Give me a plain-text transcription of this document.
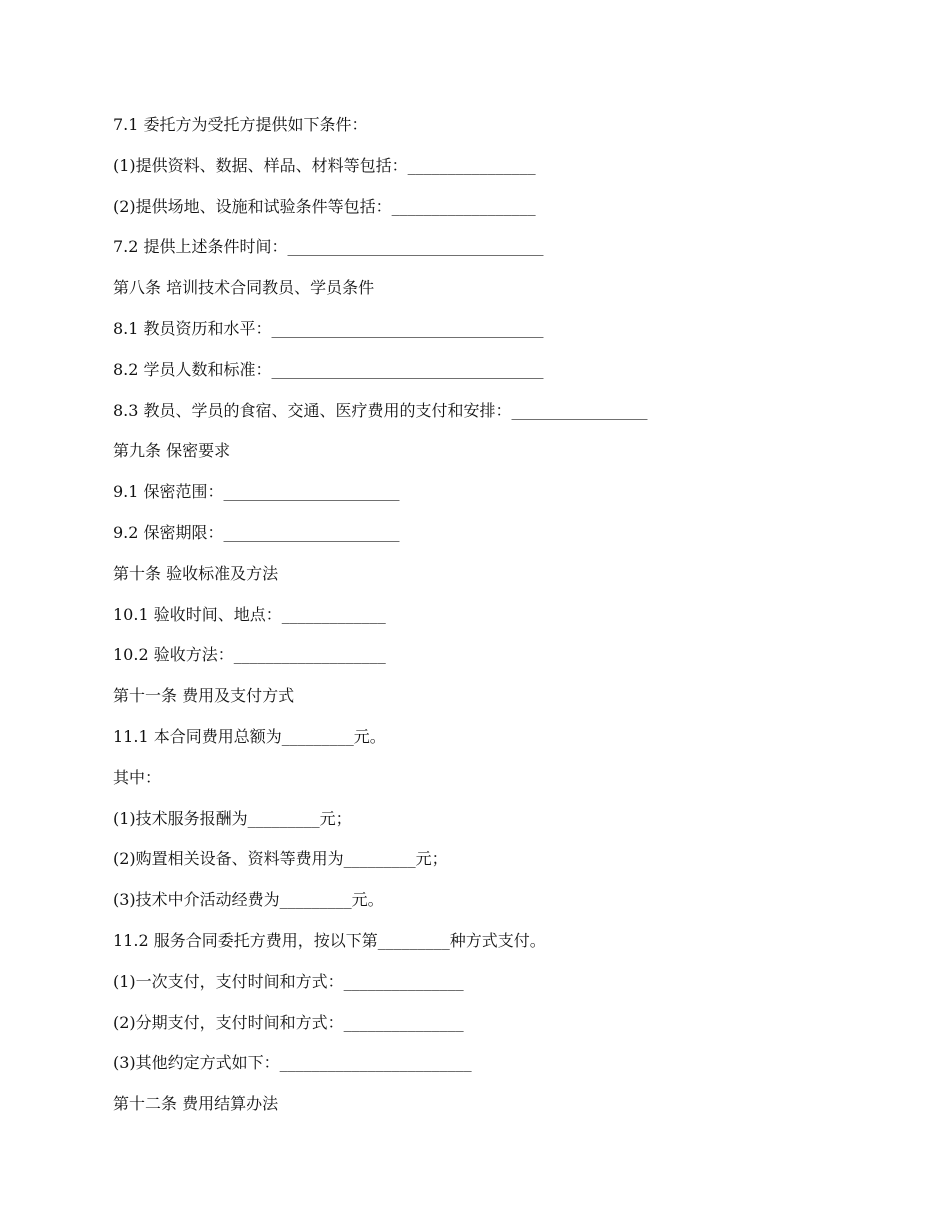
7.1 委托方为受托方提供如下条件：
(1)提供资料、数据、样品、材料等包括：________________
(2)提供场地、设施和试验条件等包括：__________________
7.2 提供上述条件时间：________________________________
第八条 培训技术合同教员、学员条件
8.1 教员资历和水平：__________________________________
8.2 学员人数和标准：__________________________________
8.3 教员、学员的食宿、交通、医疗费用的支付和安排：_________________
第九条 保密要求
9.1 保密范围：______________________
9.2 保密期限：______________________
第十条 验收标准及方法
10.1 验收时间、地点：_____________
10.2 验收方法：___________________
第十一条 费用及支付方式
11.1 本合同费用总额为_________元。
其中：
(1)技术服务报酬为_________元；
(2)购置相关设备、资料等费用为_________元；
(3)技术中介活动经费为_________元。
11.2 服务合同委托方费用，按以下第_________种方式支付。
(1)一次支付，支付时间和方式：_______________
(2)分期支付，支付时间和方式：_______________
(3)其他约定方式如下：________________________
第十二条 费用结算办法
